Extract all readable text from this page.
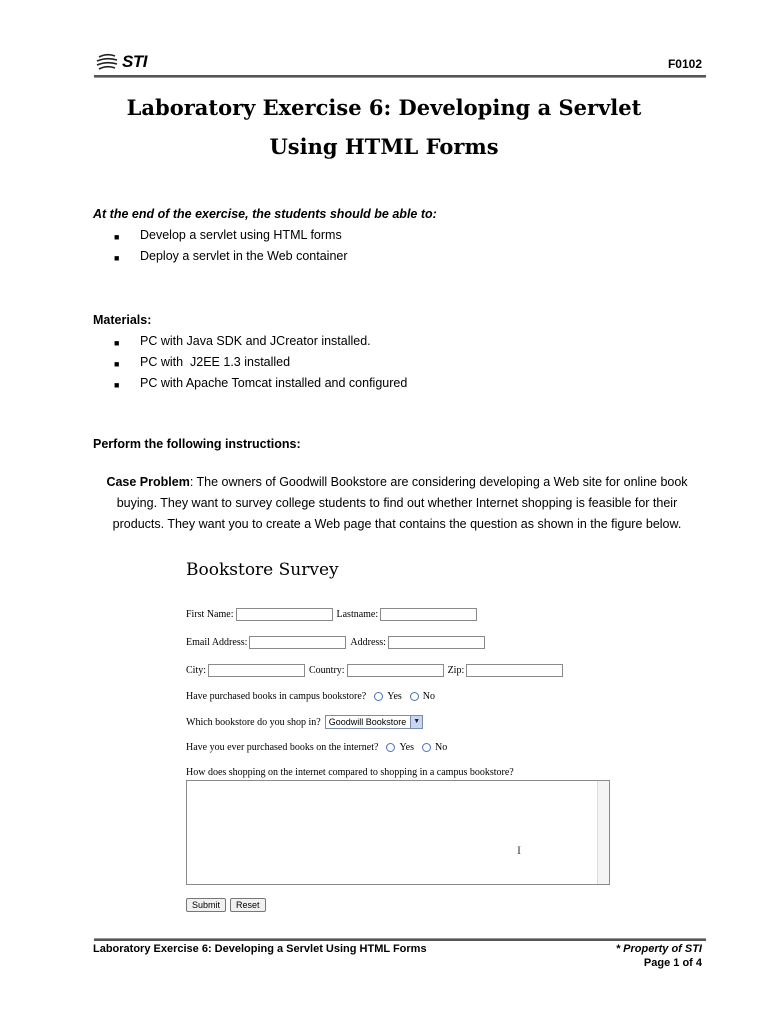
STI	F0102
Laboratory Exercise 6: Developing a Servlet
Using HTML Forms
At the end of the exercise, the students should be able to:
■	Develop a servlet using HTML forms
■	Deploy a servlet in the Web container
Materials:
■	PC with Java SDK and JCreator installed.
■	PC with  J2EE 1.3 installed
■	PC with Apache Tomcat installed and configured
Perform the following instructions:
Case Problem: The owners of Goodwill Bookstore are considering developing a Web site for online book buying. They want to survey college students to find out whether Internet shopping is feasible for their products. They want you to create a Web page that contains the question as shown in the figure below.
Bookstore Survey
First Name:	Lastname:
Email Address:	Address:
City:	Country:	Zip:
Have purchased books in campus bookstore? Yes No
Which bookstore do you shop in? Goodwill Bookstore	▼
Have you ever purchased books on the internet? Yes No
How does shopping on the internet compared to shopping in a campus bookstore?
I
Submit	Reset
Laboratory Exercise 6: Developing a Servlet Using HTML Forms	* Property of STI
Page 1 of 4
